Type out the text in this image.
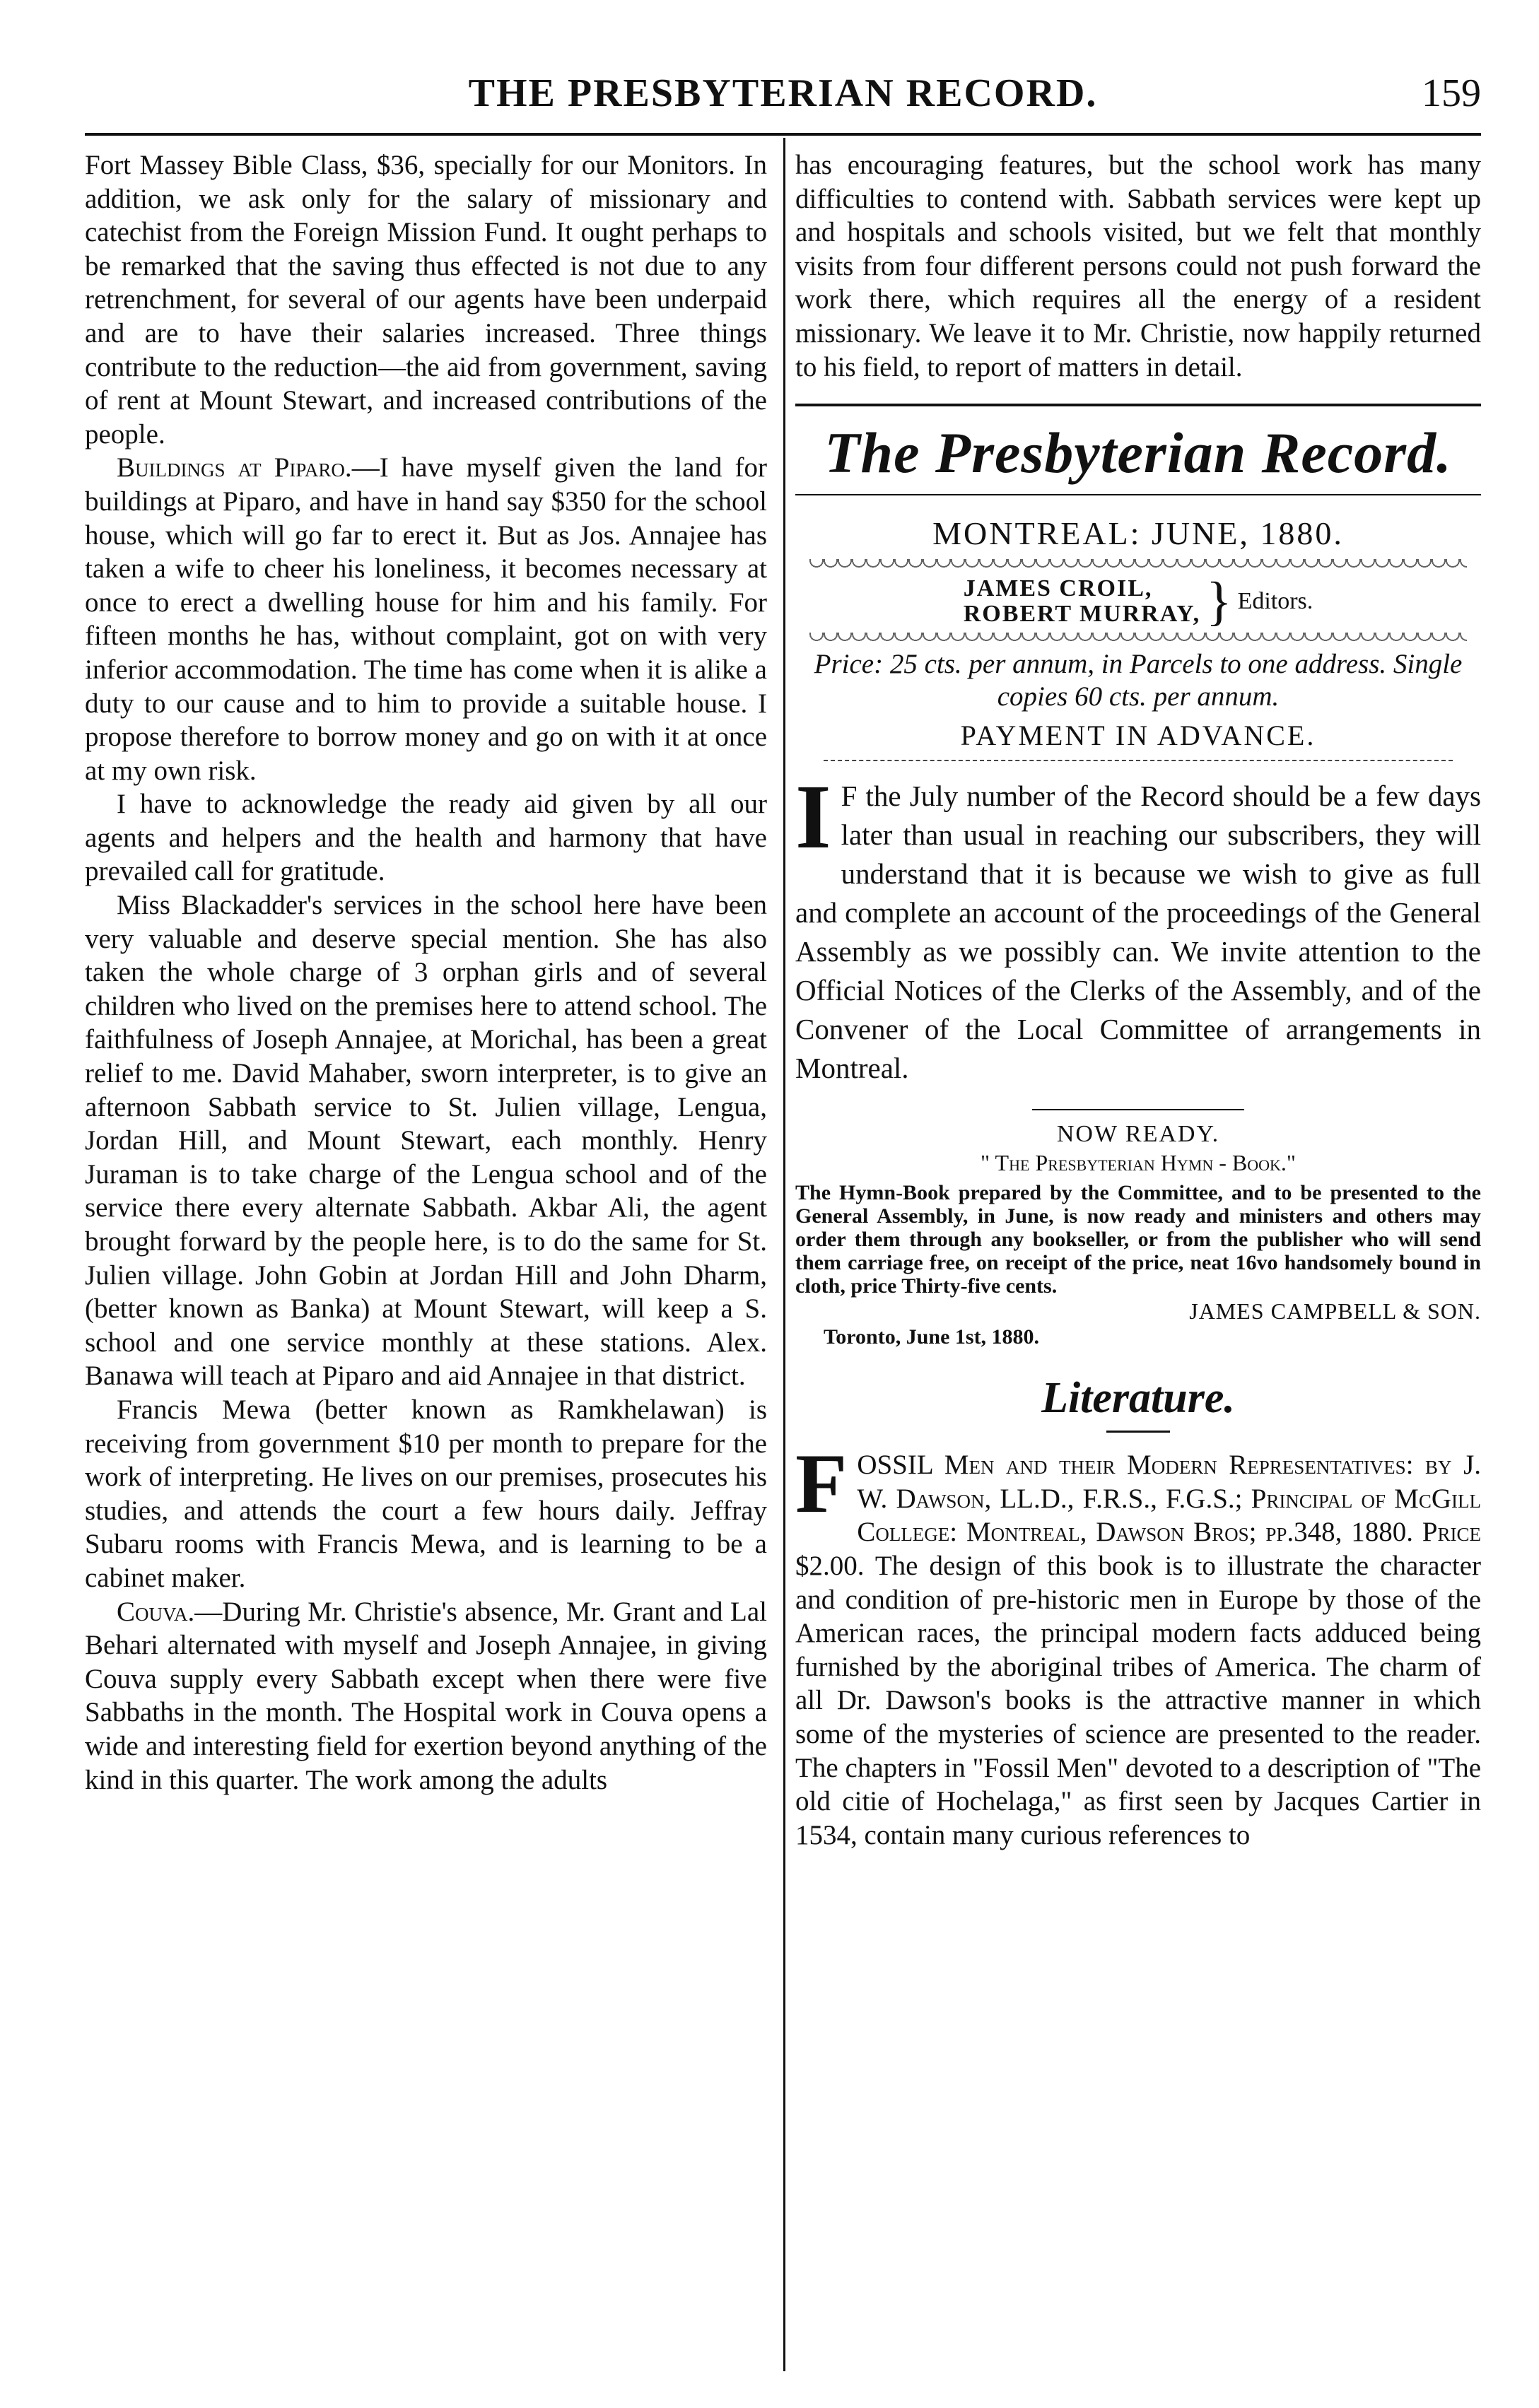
THE PRESBYTERIAN RECORD.	159

Fort Massey Bible Class, $36, specially for our Monitors. In addition, we ask only for the salary of missionary and catechist from the Foreign Mission Fund. It ought perhaps to be remarked that the saving thus effected is not due to any retrenchment, for several of our agents have been underpaid and are to have their salaries increased. Three things contribute to the reduction—the aid from government, saving of rent at Mount Stewart, and increased contributions of the people.

Buildings at Piparo.—I have myself given the land for buildings at Piparo, and have in hand say $350 for the school house, which will go far to erect it. But as Jos. Annajee has taken a wife to cheer his loneliness, it becomes necessary at once to erect a dwelling house for him and his family. For fifteen months he has, without complaint, got on with very inferior accommodation. The time has come when it is alike a duty to our cause and to him to provide a suitable house. I propose therefore to borrow money and go on with it at once at my own risk.

I have to acknowledge the ready aid given by all our agents and helpers and the health and harmony that have prevailed call for gratitude.

Miss Blackadder's services in the school here have been very valuable and deserve special mention. She has also taken the whole charge of 3 orphan girls and of several children who lived on the premises here to attend school. The faithfulness of Joseph Annajee, at Morichal, has been a great relief to me. David Mahaber, sworn interpreter, is to give an afternoon Sabbath service to St. Julien village, Lengua, Jordan Hill, and Mount Stewart, each monthly. Henry Juraman is to take charge of the Lengua school and of the service there every alternate Sabbath. Akbar Ali, the agent brought forward by the people here, is to do the same for St. Julien village. John Gobin at Jordan Hill and John Dharm, (better known as Banka) at Mount Stewart, will keep a S. school and one service monthly at these stations. Alex. Banawa will teach at Piparo and aid Annajee in that district.

Francis Mewa (better known as Ramkhelawan) is receiving from government $10 per month to prepare for the work of interpreting. He lives on our premises, prosecutes his studies, and attends the court a few hours daily. Jeffray Subaru rooms with Francis Mewa, and is learning to be a cabinet maker.

Couva.—During Mr. Christie's absence, Mr. Grant and Lal Behari alternated with myself and Joseph Annajee, in giving Couva supply every Sabbath except when there were five Sabbaths in the month. The Hospital work in Couva opens a wide and interesting field for exertion beyond anything of the kind in this quarter. The work among the adults

has encouraging features, but the school work has many difficulties to contend with. Sabbath services were kept up and hospitals and schools visited, but we felt that monthly visits from four different persons could not push forward the work there, which requires all the energy of a resident missionary. We leave it to Mr. Christie, now happily returned to his field, to report of matters in detail.

The Presbyterian Record.
MONTREAL: JUNE, 1880.
JAMES CROIL,
ROBERT MURRAY, } Editors.
Price: 25 cts. per annum, in Parcels to one address. Single copies 60 cts. per annum.
PAYMENT IN ADVANCE.

I F the July number of the Record should be a few days later than usual in reaching our subscribers, they will understand that it is because we wish to give as full and complete an account of the proceedings of the General Assembly as we possibly can. We invite attention to the Official Notices of the Clerks of the Assembly, and of the Convener of the Local Committee of arrangements in Montreal.

NOW READY.
" The Presbyterian Hymn - Book."
The Hymn-Book prepared by the Committee, and to be presented to the General Assembly, in June, is now ready and ministers and others may order them through any bookseller, or from the publisher who will send them carriage free, on receipt of the price, neat 16vo handsomely bound in cloth, price Thirty-five cents.
JAMES CAMPBELL & SON.
Toronto, June 1st, 1880.
Literature.

FOSSIL Men and their Modern Representatives: by J. W. Dawson, LL.D., F.R.S., F.G.S.; Principal of McGill College: Montreal, Dawson Bros; pp.348, 1880. Price $2.00. The design of this book is to illustrate the character and condition of pre-historic men in Europe by those of the American races, the principal modern facts adduced being furnished by the aboriginal tribes of America. The charm of all Dr. Dawson's books is the attractive manner in which some of the mysteries of science are presented to the reader. The chapters in "Fossil Men" devoted to a description of "The old citie of Hochelaga," as first seen by Jacques Cartier in 1534, contain many curious references to
